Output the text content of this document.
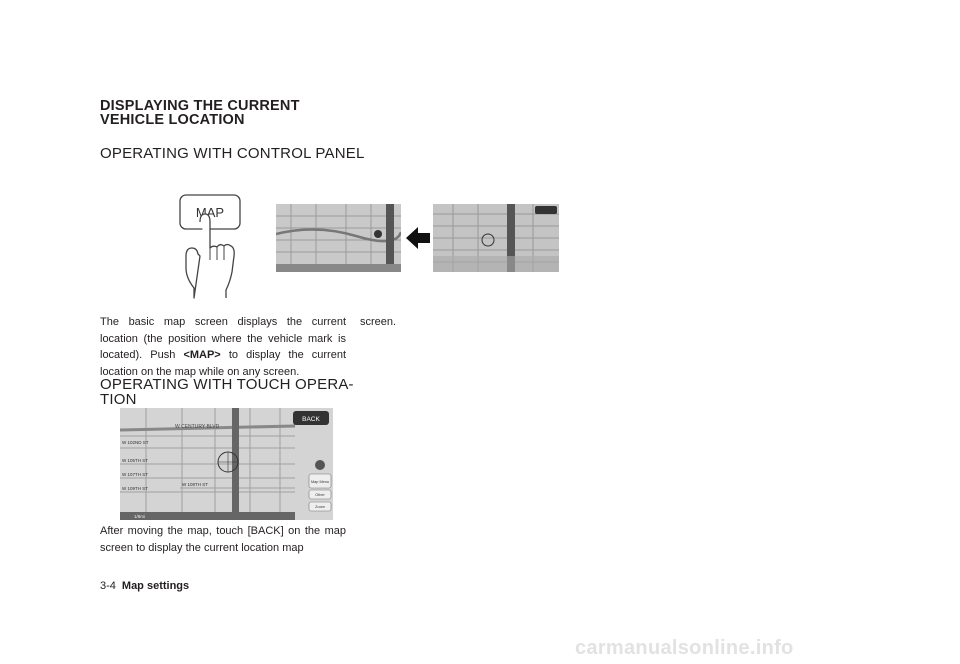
DISPLAYING THE CURRENT
VEHICLE LOCATION
OPERATING WITH CONTROL PANEL
MAP
The basic map screen displays the current location (the position where the vehicle mark is located). Push <MAP> to display the current location on the map while on any screen.
screen.
OPERATING WITH TOUCH OPERA-
TION
W CENTURY BLVD
W 102ND ST
W 105TH ST
W 107TH ST
W 108TH ST
W 109TH ST
BACK
Map Menu
Other
Zoom
1/8mi
After moving the map, touch [BACK] on the map screen to display the current location map
3-4 Map settings
carmanualsonline.info
